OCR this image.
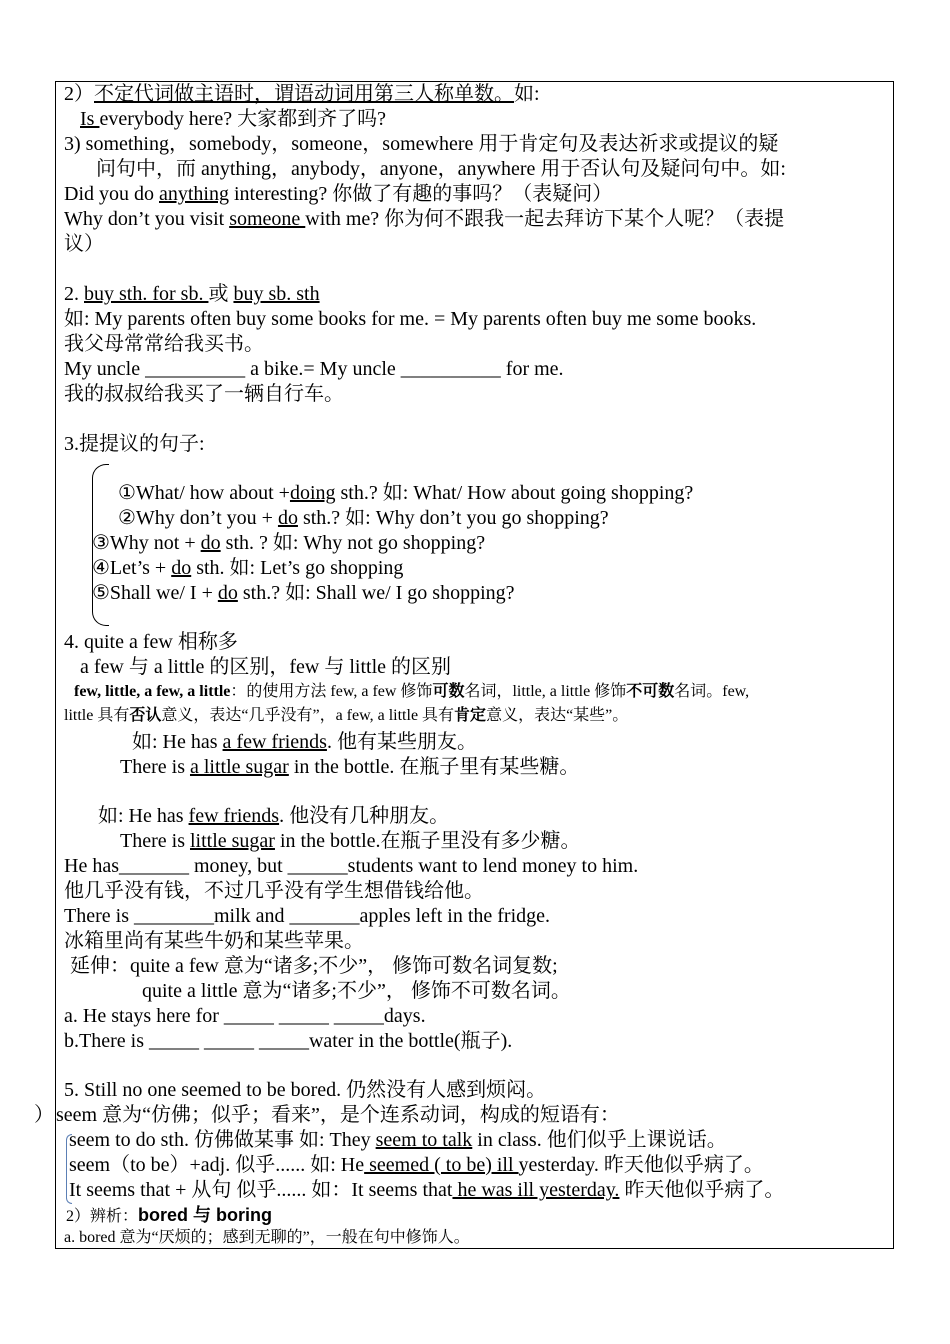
2）不定代词做主语时，谓语动词用第三人称单数。如:
Is everybody here? 大家都到齐了吗?
3) something，somebody，someone，somewhere 用于肯定句及表达祈求或提议的疑
问句中，而 anything，anybody，anyone，anywhere 用于否认句及疑问句中。如:
Did you do anything interesting? 你做了有趣的事吗？（表疑问）
Why don’t you visit someone with me? 你为何不跟我一起去拜访下某个人呢？（表提
议）
2. buy sth. for sb. 或 buy sb. sth
如: My parents often buy some books for me. = My parents often buy me some books.
我父母常常给我买书。
My uncle __________ a bike.= My uncle __________ for me.
我的叔叔给我买了一辆自行车。
3.提提议的句子:
①What/ how about +doing sth.? 如: What/ How about going shopping?
②Why don’t you + do sth.? 如: Why don’t you go shopping?
③Why not + do sth. ? 如: Why not go shopping?
④Let’s + do sth. 如: Let’s go shopping
⑤Shall we/ I + do sth.? 如: Shall we/ I go shopping?
4. quite a few 相称多
a few 与 a little 的区别，few 与 little 的区别
few, little, a few, a little：的使用方法 few, a few 修饰可数名词，little, a little 修饰不可数名词。few,
little 具有否认意义，表达“几乎没有”，a few, a little 具有肯定意义，表达“某些”。
如: He has a few friends. 他有某些朋友。
There is a little sugar in the bottle. 在瓶子里有某些糖。
如: He has few friends. 他没有几种朋友。
There is little sugar in the bottle.在瓶子里没有多少糖。
He has_______ money, but ______students want to lend money to him.
他几乎没有钱，不过几乎没有学生想借钱给他。
There is ________milk and _______apples left in the fridge.
冰箱里尚有某些牛奶和某些苹果。
延伸：quite a few 意为“诸多;不少”， 修饰可数名词复数;
quite a little 意为“诸多;不少”， 修饰不可数名词。
a. He stays here for _____ _____ _____days.
b.There is _____ _____ _____water in the bottle(瓶子).
5. Still no one seemed to be bored. 仍然没有人感到烦闷。
） seem 意为“仿佛；似乎；看来”，是个连系动词，构成的短语有：
seem to do sth. 仿佛做某事 如: They seem to talk in class. 他们似乎上课说话。
seem（to be）+adj. 似乎...... 如: He seemed ( to be) ill yesterday. 昨天他似乎病了。
It seems that + 从句 似乎...... 如：It seems that he was ill yesterday. 昨天他似乎病了。
2）辨析：bored 与 boring
a. bored 意为“厌烦的；感到无聊的”，一般在句中修饰人。
